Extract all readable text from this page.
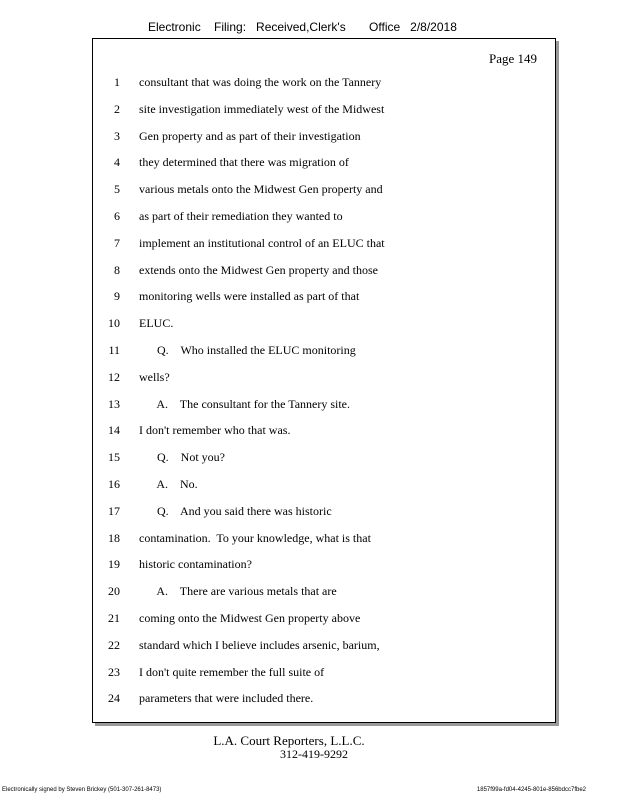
Electronic    Filing:   Received,Clerk's       Office   2/8/2018
Page 149
1 consultant that was doing the work on the Tannery
2 site investigation immediately west of the Midwest
3 Gen property and as part of their investigation
4 they determined that there was migration of
5 various metals onto the Midwest Gen property and
6 as part of their remediation they wanted to
7 implement an institutional control of an ELUC that
8 extends onto the Midwest Gen property and those
9 monitoring wells were installed as part of that
10 ELUC.
11 Q.    Who installed the ELUC monitoring
12 wells?
13 A.    The consultant for the Tannery site.
14 I don't remember who that was.
15 Q.    Not you?
16 A.    No.
17 Q.    And you said there was historic
18 contamination.  To your knowledge, what is that
19 historic contamination?
20 A.    There are various metals that are
21 coming onto the Midwest Gen property above
22 standard which I believe includes arsenic, barium,
23 I don't quite remember the full suite of
24 parameters that were included there.
L.A. Court Reporters, L.L.C.
312-419-9292
Electronically signed by Steven Brickey (501-307-261-8473)	1857f99a-fd04-4245-801e-856bdcc7fbe2
